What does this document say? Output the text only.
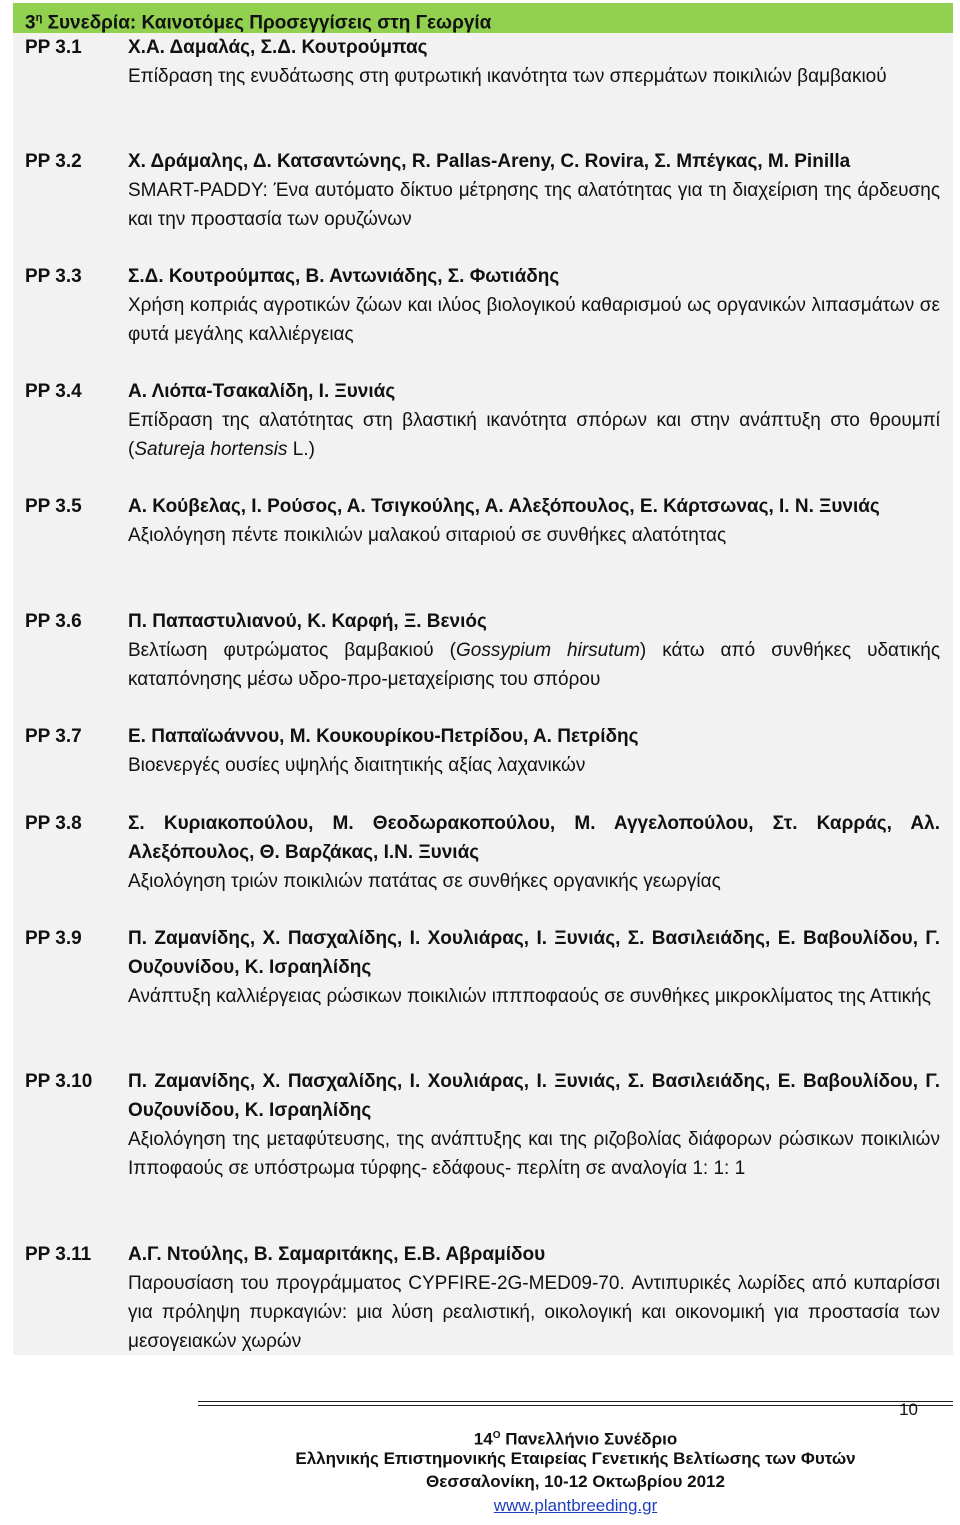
$3^\eta$ Συνεδρία: Καινοτόμες Προσεγγίσεις στη Γεωργία
PP 3.1	Χ.Α. Δαμαλάς, Σ.Δ. Κουτρούμπας
Επίδραση της ενυδάτωσης στη φυτρωτική ικανότητα των σπερμάτων ποικιλιών βαμβακιού
PP 3.2	Χ. Δράμαλης, Δ. Κατσαντώνης, R. Pallas-Areny, C. Rovira, Σ. Μπέγκας, M. Pinilla
SMART-PADDY: Ένα αυτόματο δίκτυο μέτρησης της αλατότητας για τη διαχείριση της άρδευσης και την προστασία των ορυζώνων
PP 3.3	Σ.Δ. Κουτρούμπας, Β. Αντωνιάδης, Σ. Φωτιάδης
Χρήση κοπριάς αγροτικών ζώων και ιλύος βιολογικού καθαρισμού ως οργανικών λιπασμάτων σε φυτά μεγάλης καλλιέργειας
PP 3.4	Α. Λιόπα-Τσακαλίδη, Ι. Ξυνιάς
Επίδραση της αλατότητας στη βλαστική ικανότητα σπόρων και στην ανάπτυξη στο θρουμπί (Satureja hortensis L.)
PP 3.5	Α. Κούβελας, Ι. Ρούσος, Α. Τσιγκούλης, Α. Αλεξόπουλος, Ε. Κάρτσωνας, Ι. Ν. Ξυνιάς
Αξιολόγηση πέντε ποικιλιών μαλακού σιταριού σε συνθήκες αλατότητας
PP 3.6	Π. Παπαστυλιανού, Κ. Καρφή, Ξ. Βενιός
Βελτίωση φυτρώματος βαμβακιού (Gossypium hirsutum) κάτω από συνθήκες υδατικής καταπόνησης μέσω υδρο-προ-μεταχείρισης του σπόρου
PP 3.7	Ε. Παπαϊωάννου, Μ. Κουκουρίκου-Πετρίδου, Α. Πετρίδης
Βιοενεργές ουσίες υψηλής διαιτητικής αξίας λαχανικών
PP 3.8	Σ. Κυριακοπούλου, Μ. Θεοδωρακοπούλου, Μ. Αγγελοπούλου, Στ. Καρράς, Αλ. Αλεξόπουλος, Θ. Βαρζάκας, Ι.Ν. Ξυνιάς
Αξιολόγηση τριών ποικιλιών πατάτας σε συνθήκες οργανικής γεωργίας
PP 3.9	Π. Ζαμανίδης, Χ. Πασχαλίδης, Ι. Χουλιάρας, Ι. Ξυνιάς, Σ. Βασιλειάδης, Ε. Βαβουλίδου, Γ. Ουζουνίδου, Κ. Ισραηλίδης
Ανάπτυξη καλλιέργειας ρώσικων ποικιλιών ιππποφαούς σε συνθήκες μικροκλίματος της Αττικής
PP 3.10	Π. Ζαμανίδης, Χ. Πασχαλίδης, Ι. Χουλιάρας, Ι. Ξυνιάς, Σ. Βασιλειάδης, Ε. Βαβουλίδου, Γ. Ουζουνίδου, Κ. Ισραηλίδης
Αξιολόγηση της μεταφύτευσης, της ανάπτυξης και της ριζοβολίας διάφορων ρώσικων ποικιλιών Ιπποφαούς σε υπόστρωμα τύρφης- εδάφους- περλίτη σε αναλογία 1: 1: 1
PP 3.11	Α.Γ. Ντούλης, Β. Σαμαριτάκης, Ε.Β. Αβραμίδου
Παρουσίαση του προγράμματος CYPFIRE-2G-MED09-70. Αντιπυρικές λωρίδες από κυπαρίσσι για πρόληψη πυρκαγιών: μια λύση ρεαλιστική, οικολογική και οικονομική για προστασία των μεσογειακών χωρών
10
$14^O$ Πανελλήνιο Συνέδριο
Ελληνικής Επιστημονικής Εταιρείας Γενετικής Βελτίωσης των Φυτών
Θεσσαλονίκη, 10-12 Οκτωβρίου 2012
www.plantbreeding.gr
